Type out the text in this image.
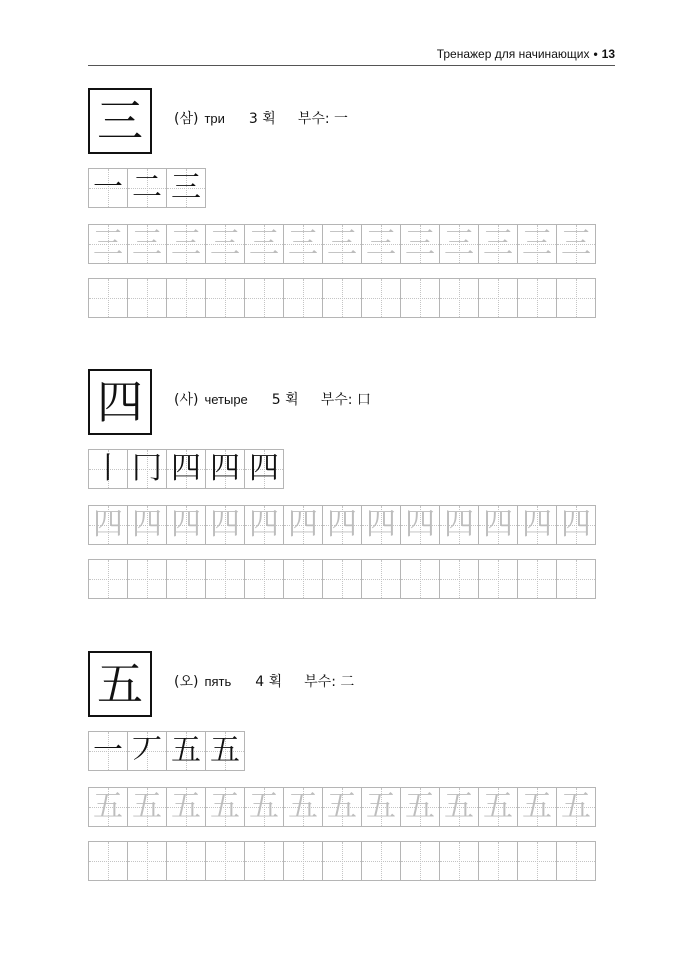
Тренажер для начинающих • 13
三 (삼) три 3 획 부수: 一
一 二 三
三 三 三 三 三 三 三 三 三 三 三 三 三
四 (사) четыре 5 획 부수: 口
丨 冂 四 四 四
四 四 四 四 四 四 四 四 四 四 四 四 四
五 (오) пять 4 획 부수: 二
一 丆 五 五
五 五 五 五 五 五 五 五 五 五 五 五 五
